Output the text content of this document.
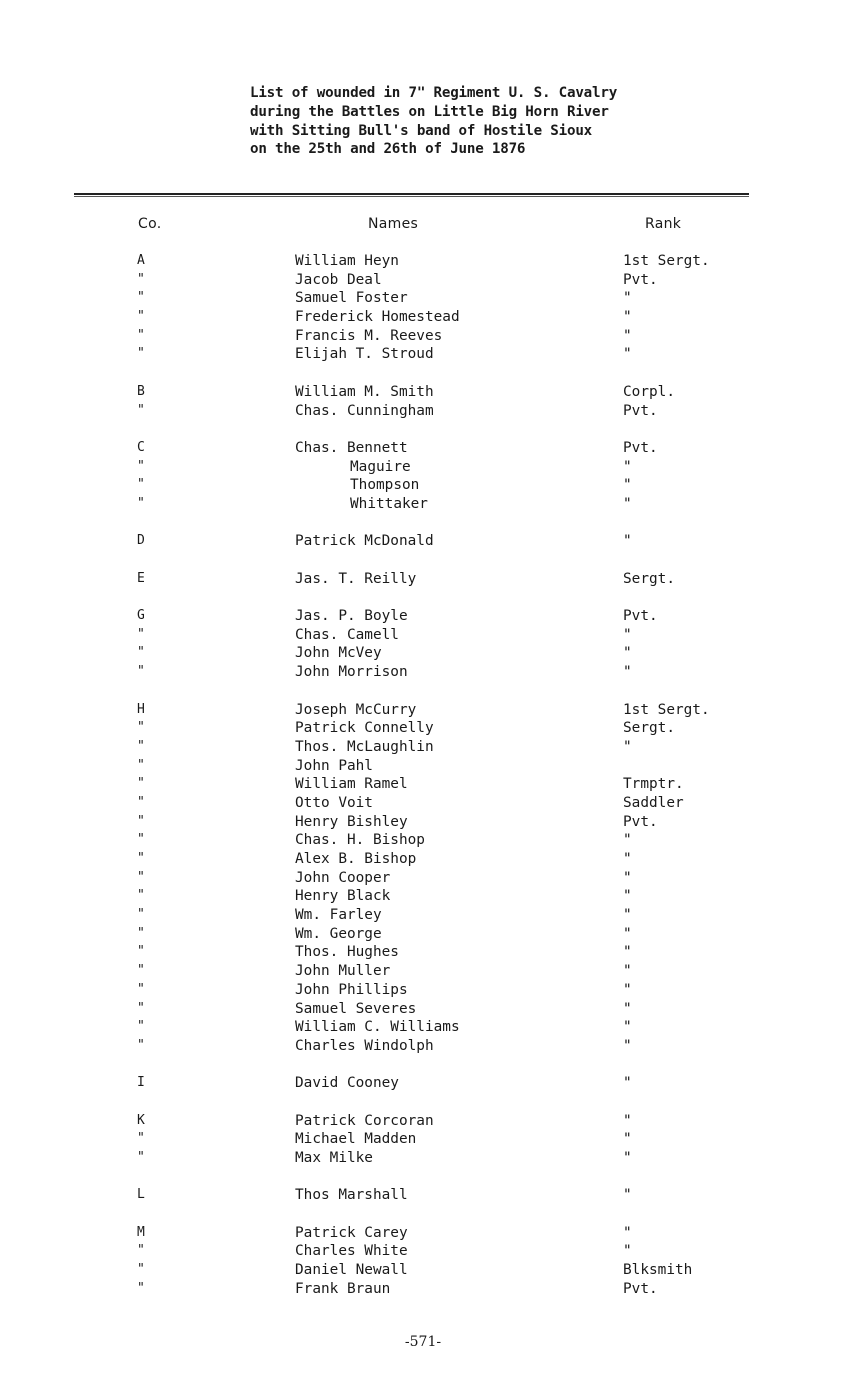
List of wounded in 7" Regiment U. S. Cavalry
during the Battles on Little Big Horn River
with Sitting Bull's band of Hostile Sioux
on the 25th and 26th of June 1876
Co.	Names	Rank
A	William Heyn	1st Sergt.
"	Jacob Deal	Pvt.
"	Samuel Foster	"
"	Frederick Homestead	"
"	Francis M. Reeves	"
"	Elijah T. Stroud	"
B	William M. Smith	Corpl.
"	Chas. Cunningham	Pvt.
C	Chas. Bennett	Pvt.
"	Maguire	"
"	Thompson	"
"	Whittaker	"
D	Patrick McDonald	"
E	Jas. T. Reilly	Sergt.
G	Jas. P. Boyle	Pvt.
"	Chas. Camell	"
"	John McVey	"
"	John Morrison	"
H	Joseph McCurry	1st Sergt.
"	Patrick Connelly	Sergt.
"	Thos. McLaughlin	"
"	John Pahl
"	William Ramel	Trmptr.
"	Otto Voit	Saddler
"	Henry Bishley	Pvt.
"	Chas. H. Bishop	"
"	Alex B. Bishop	"
"	John Cooper	"
"	Henry Black	"
"	Wm. Farley	"
"	Wm. George	"
"	Thos. Hughes	"
"	John Muller	"
"	John Phillips	"
"	Samuel Severes	"
"	William C. Williams	"
"	Charles Windolph	"
I	David Cooney	"
K	Patrick Corcoran	"
"	Michael Madden	"
"	Max Milke	"
L	Thos Marshall	"
M	Patrick Carey	"
"	Charles White	"
"	Daniel Newall	Blksmith
"	Frank Braun	Pvt.
-571-
